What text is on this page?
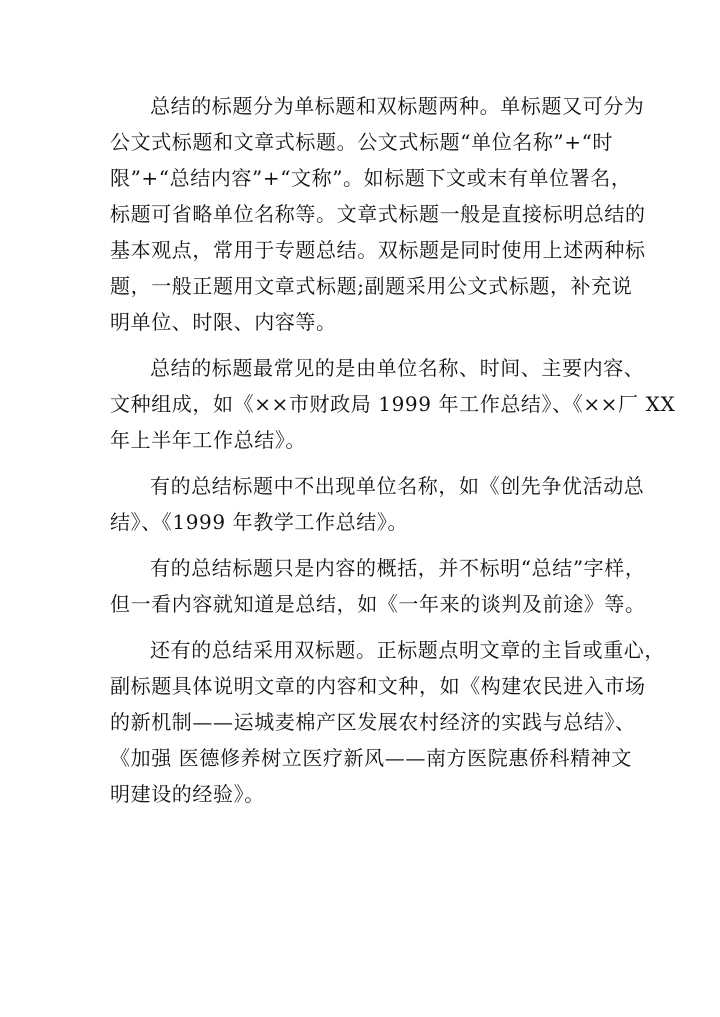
总结的标题分为单标题和双标题两种。单标题又可分为
公文式标题和文章式标题。公文式标题“单位名称”+“时
限”+“总结内容”+“文称”。如标题下文或末有单位署名，
标题可省略单位名称等。文章式标题一般是直接标明总结的
基本观点，常用于专题总结。双标题是同时使用上述两种标
题，一般正题用文章式标题;副题采用公文式标题，补充说
明单位、时限、内容等。

总结的标题最常见的是由单位名称、时间、主要内容、
文种组成，如《××市财政局 1999 年工作总结》、《××厂 XX
年上半年工作总结》。

有的总结标题中不出现单位名称，如《创先争优活动总
结》、《1999 年教学工作总结》。

有的总结标题只是内容的概括，并不标明“总结”字样，
但一看内容就知道是总结，如《一年来的谈判及前途》等。

还有的总结采用双标题。正标题点明文章的主旨或重心，
副标题具体说明文章的内容和文种，如《构建农民进入市场
的新机制——运城麦棉产区发展农村经济的实践与总结》、
《加强 医德修养树立医疗新风——南方医院惠侨科精神文
明建设的经验》。
